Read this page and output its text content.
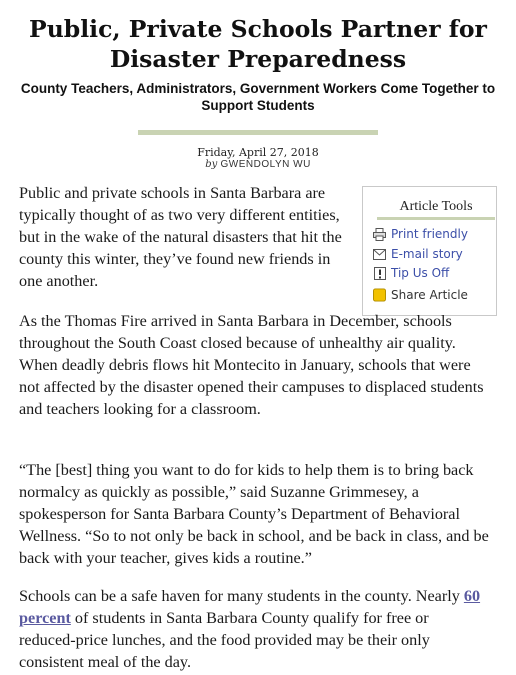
Public, Private Schools Partner for Disaster Preparedness
County Teachers, Administrators, Government Workers Come Together to Support Students
Friday, April 27, 2018
by GWENDOLYN WU

Public and private schools in Santa Barbara are typically thought of as two very different entities, but in the wake of the natural disasters that hit the county this winter, they’ve found new friends in one another.

Article Tools
Print friendly
E-mail story
Tip Us Off
Share Article

As the Thomas Fire arrived in Santa Barbara in December, schools throughout the South Coast closed because of unhealthy air quality. When deadly debris flows hit Montecito in January, schools that were not affected by the disaster opened their campuses to displaced students and teachers looking for a classroom.

“The [best] thing you want to do for kids to help them is to bring back normalcy as quickly as possible,” said Suzanne Grimmesey, a spokesperson for Santa Barbara County’s Department of Behavioral Wellness. “So to not only be back in school, and be back in class, and be back with your teacher, gives kids a routine.”

Schools can be a safe haven for many students in the county. Nearly 60 percent of students in Santa Barbara County qualify for free or reduced-price lunches, and the food provided may be their only consistent meal of the day.
